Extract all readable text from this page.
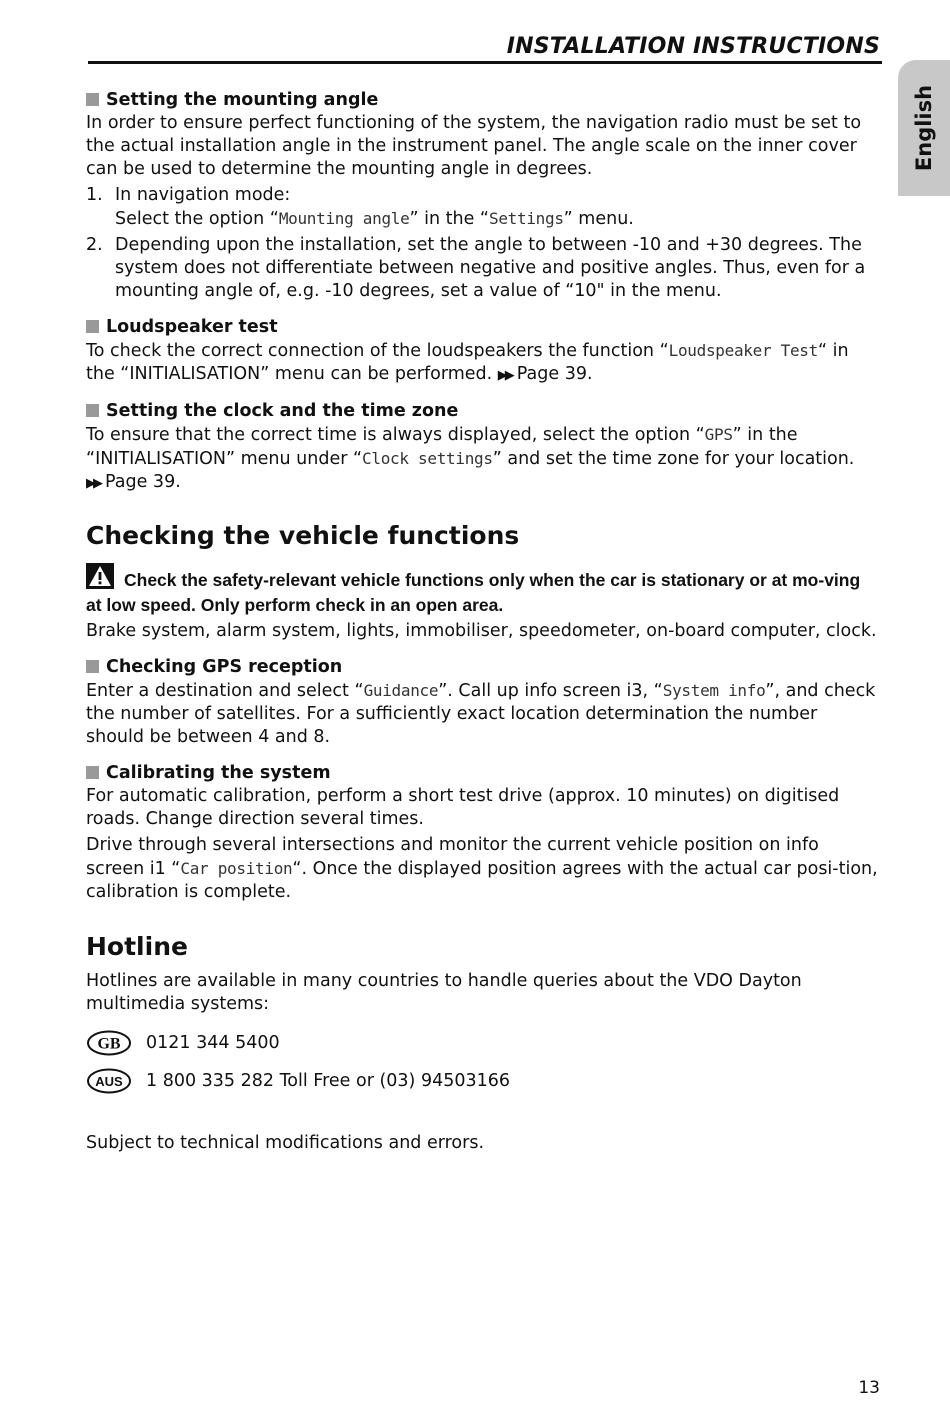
INSTALLATION INSTRUCTIONS
English

Setting the mounting angle

In order to ensure perfect functioning of the system, the navigation radio must be set to the actual installation angle in the instrument panel. The angle scale on the inner cover can be used to determine the mounting angle in degrees.

1. In navigation mode:
Select the option “Mounting angle” in the “Settings” menu.
2. Depending upon the installation, set the angle to between -10 and +30 degrees. The system does not differentiate between negative and positive angles. Thus, even for a mounting angle of, e.g. -10 degrees, set a value of “10" in the menu.

Loudspeaker test

To check the correct connection of the loudspeakers the function “Loudspeaker Test“ in the “INITIALISATION” menu can be performed. ▶▶ Page 39.

Setting the clock and the time zone

To ensure that the correct time is always displayed, select the option “GPS” in the “INITIALISATION” menu under “Clock settings” and set the time zone for your location. ▶▶ Page 39.

Checking the vehicle functions

Check the safety-relevant vehicle functions only when the car is stationary or at mo-ving at low speed. Only perform check in an open area.

Brake system, alarm system, lights, immobiliser, speedometer, on-board computer, clock.

Checking GPS reception

Enter a destination and select “Guidance”. Call up info screen i3, “System info”, and check the number of satellites. For a sufficiently exact location determination the number should be between 4 and 8.

Calibrating the system

For automatic calibration, perform a short test drive (approx. 10 minutes) on digitised roads. Change direction several times.

Drive through several intersections and monitor the current vehicle position on info screen i1 “Car position“. Once the displayed position agrees with the actual car posi-tion, calibration is complete.

Hotline

Hotlines are available in many countries to handle queries about the VDO Dayton multimedia systems:

GB 0121 344 5400
AUS 1 800 335 282 Toll Free or (03) 94503166

Subject to technical modifications and errors.

13
